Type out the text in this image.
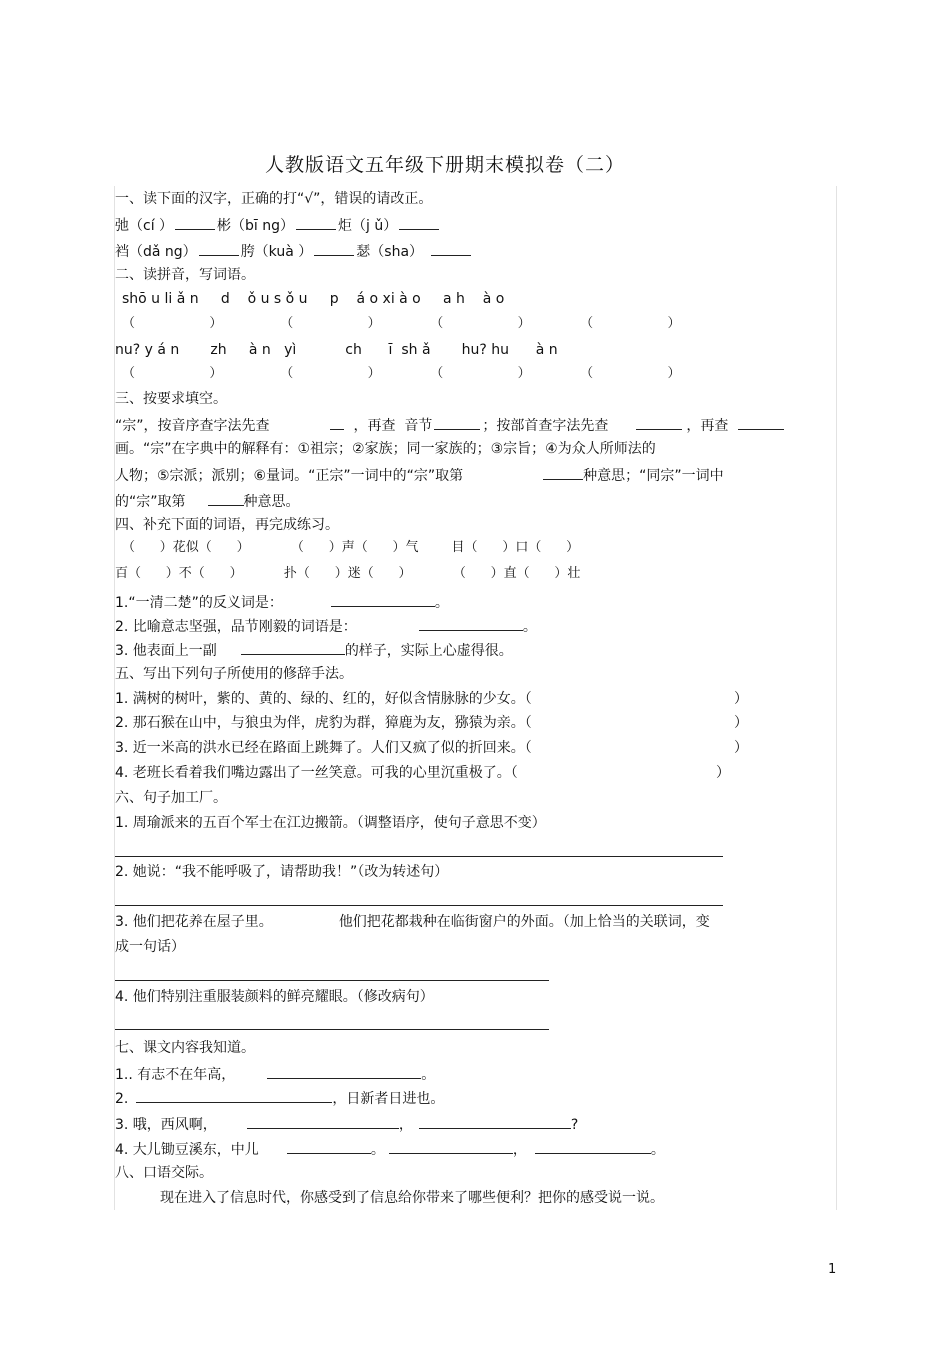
人教版语文五年级下册期末模拟卷（二）
一、读下面的汉字，正确的打“√”，错误的请改正。
弛（cí ）	彬（bī ng）	炬（j ǔ）
裆（dǎ ng）	胯（kuà ）	瑟（sha）
二、读拼音，写词语。
shō u li ǎ n     d    ǒ u s ǒ u     p    á o xi à o     a h    à o
（                  ）              （                  ）            （                  ）            （                  ）
nu? y á n       zh     à n   yì           ch      ī  sh ǎ       hu? hu      à n
（                  ）              （                  ）            （                  ）            （                  ）
三、按要求填空。
“宗”，按音序查字法先查	，再查  音节	；按部首查字法先查	，再查
画。“宗”在字典中的解释有：①祖宗；②家族；同一家族的；③宗旨；④为众人所师法的
人物；⑤宗派；派别；⑥量词。“正宗”一词中的“宗”取第	种意思；“同宗”一词中
的“宗”取第	种意思。
四、补充下面的词语，再完成练习。
（      ）花似（      ）          （      ）声（      ）气        目（      ）口（      ）
百（      ）不（      ）          扑（      ）迷（      ）          （      ）直（      ）壮
1.“一清二楚”的反义词是：	。
2. 比喻意志坚强，品节刚毅的词语是：	。
3. 他表面上一副	的样子，实际上心虚得很。
五、写出下列句子所使用的修辞手法。
1. 满树的树叶，紫的、黄的、绿的、红的，好似含情脉脉的少女。（	）
2. 那石猴在山中，与狼虫为伴，虎豹为群，獐鹿为友，猕猿为亲。（	）
3. 近一米高的洪水已经在路面上跳舞了。人们又疯了似的折回来。（	）
4. 老班长看着我们嘴边露出了一丝笑意。可我的心里沉重极了。（	）
六、句子加工厂。
1. 周瑜派来的五百个军士在江边搬箭。（调整语序，使句子意思不变）
2. 她说：“我不能呼吸了，请帮助我！”（改为转述句）
3. 他们把花养在屋子里。	他们把花都栽种在临街窗户的外面。（加上恰当的关联词，变
成一句话）
4. 他们特别注重服装颜料的鲜亮耀眼。（修改病句）
七、课文内容我知道。
1.. 有志不在年高，	。
2.	，日新者日进也。
3. 哦，西风啊，	，	?
4. 大儿锄豆溪东，中儿	。	，	。
八、口语交际。
现在进入了信息时代，你感受到了信息给你带来了哪些便利？把你的感受说一说。
1
